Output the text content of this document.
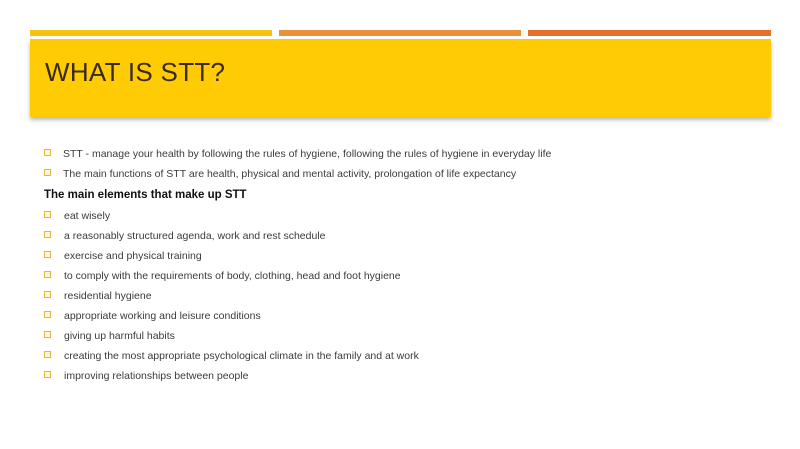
WHAT IS STT?
STT - manage your health by following the rules of hygiene, following the rules of hygiene in everyday life
The main functions of STT are health, physical and mental activity, prolongation of life expectancy
The main elements that make up STT
eat wisely
a reasonably structured agenda, work and rest schedule
exercise and physical training
to comply with the requirements of body, clothing, head and foot hygiene
residential hygiene
appropriate working and leisure conditions
giving up harmful habits
creating the most appropriate psychological climate in the family and at work
improving relationships between people
